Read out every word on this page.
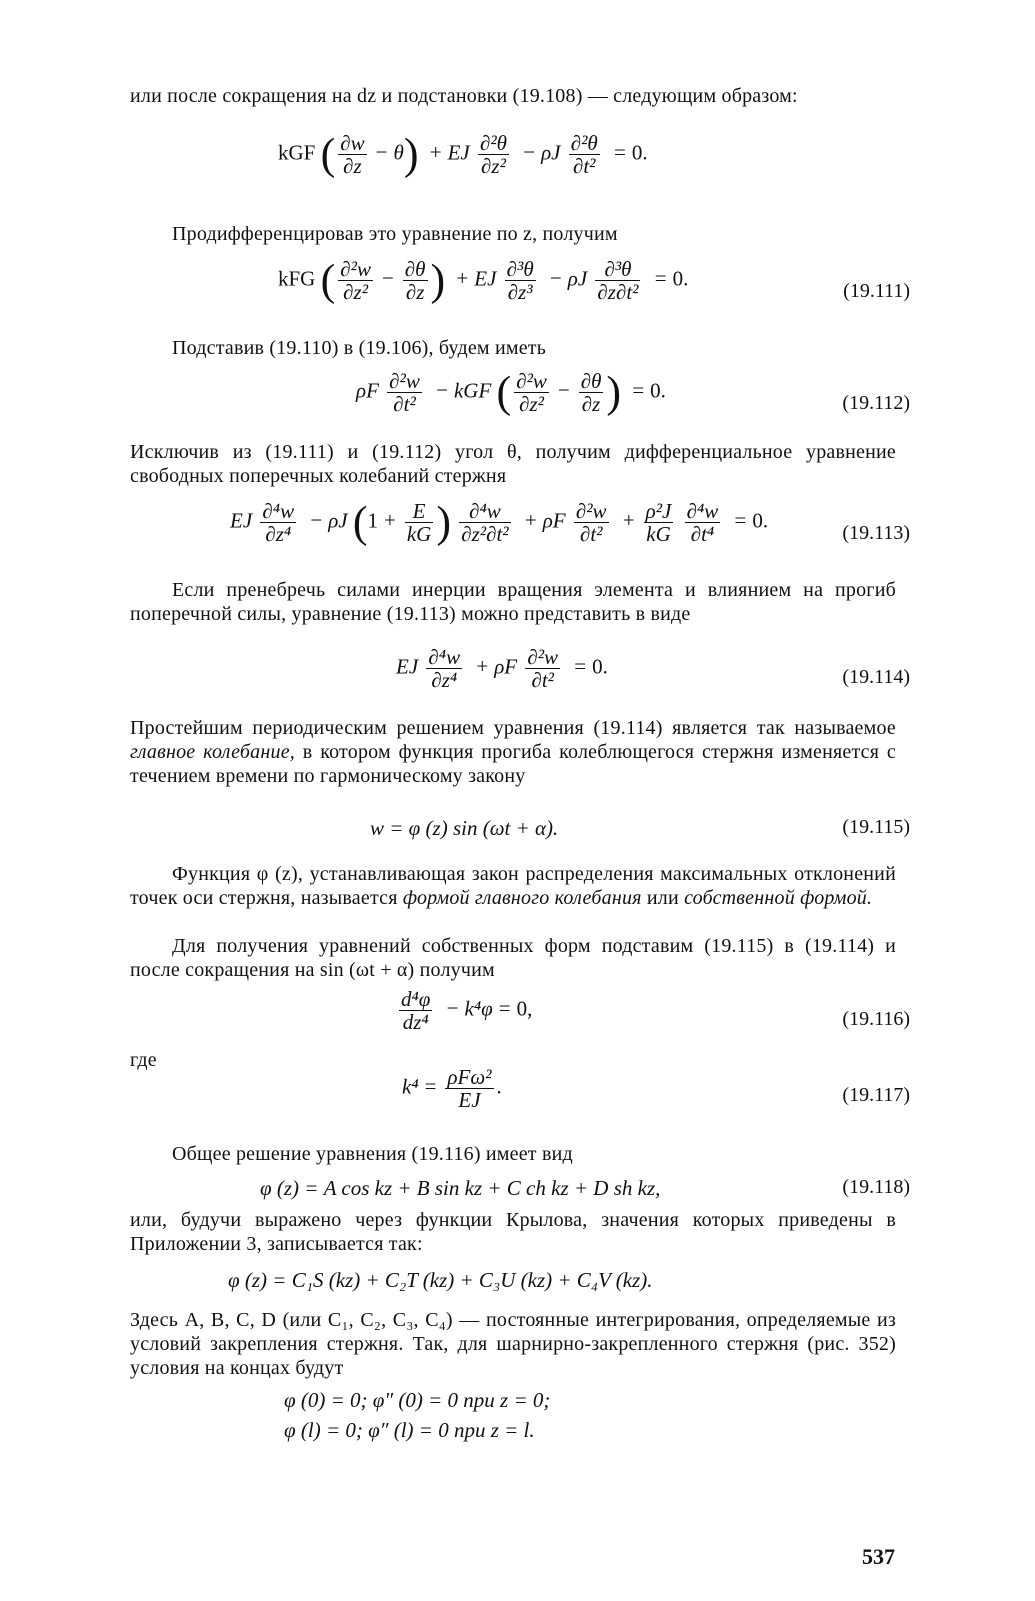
или после сокращения на dz и подстановки (19.108) — следующим образом:

kGF ( $\frac{\partial w}{\partial z} - \theta$) + EJ $\frac{\text{∂²θ}}{\text{∂z²}} - \rho J \frac{\text{∂²θ}}{\text{∂t²}} = 0$.

Продифференцировав это уравнение по z, получим

kFG ( $\frac{\text{∂²w}}{\text{∂z²}} - \frac{\partial\theta}{\partial z}$ ) + EJ $\frac{\text{∂³θ}}{\text{∂z³}} - \rho J \frac{\text{∂³θ}}{\text{∂z∂t²}} = 0$.
(19.111)

Подставив (19.110) в (19.106), будем иметь

ρF $\frac{\text{∂²w}}{\text{∂t²}}$ − kGF ( $\frac{\text{∂²w}}{\text{∂z²}} - \frac{\partial\theta}{\partial z}$ ) = 0.
(19.112)

Исключив из (19.111) и (19.112) угол θ, получим дифференциальное уравнение свободных поперечных колебаний стержня

EJ $\frac{\text{∂⁴w}}{\text{∂z⁴}} - \rho J$ ($1 + \frac{E}{kG}$ ) $\frac{\text{∂⁴w}}{\text{∂z²∂t²}} + \rho F \frac{\text{∂²w}}{\text{∂t²}} + \frac{\text{ρ²J}}{kG}$
$\frac{\text{∂⁴w}}{\text{∂t⁴}} = 0$.
(19.113)

Если пренебречь силами инерции вращения элемента и влиянием на прогиб поперечной силы, уравнение (19.113) можно представить в виде

EJ $\frac{\text{∂⁴w}}{\text{∂z⁴}} + \rho F \frac{\text{∂²w}}{\text{∂t²}} = 0$.	(19.114)

Простейшим периодическим решением уравнения (19.114) является так называемое главное колебание, в котором функция прогиба колеблющегося стержня изменяется с течением времени по гармоническому закону

w = φ (z) sin (ωt + α).	(19.115)

Функция φ (z), устанавливающая закон распределения максимальных отклонений точек оси стержня, называется формой главного колебания или собственной формой.

Для получения уравнений собственных форм подставим (19.115) в (19.114) и после сокращения на sin (ωt + α) получим

$\frac{\text{d⁴φ}}{\text{dz⁴}} - k^4\varphi = 0$,	(19.116)

где

$k^4 = \frac{\text{ρFω²}}{EJ}$ .	(19.117)

Общее решение уравнения (19.116) имеет вид

φ (z) = A cos kz + B sin kz + C ch kz + D sh kz,	(19.118)

или, будучи выражено через функции Крылова, значения которых приведены в Приложении 3, записывается так:

φ (z) = C₁S (kz) + C₂T (kz) + C₃U (kz) + C₄V (kz).

Здесь A, B, C, D (или C₁, C₂, C₃, C₄) — постоянные интегрирования, определяемые из условий закрепления стержня. Так, для шарнирно-закрепленного стержня (рис. 352) условия на концах будут

φ (0) = 0; φ″ (0) = 0 при z = 0;
φ (l) = 0; φ″ (l) = 0 при z = l.
537
